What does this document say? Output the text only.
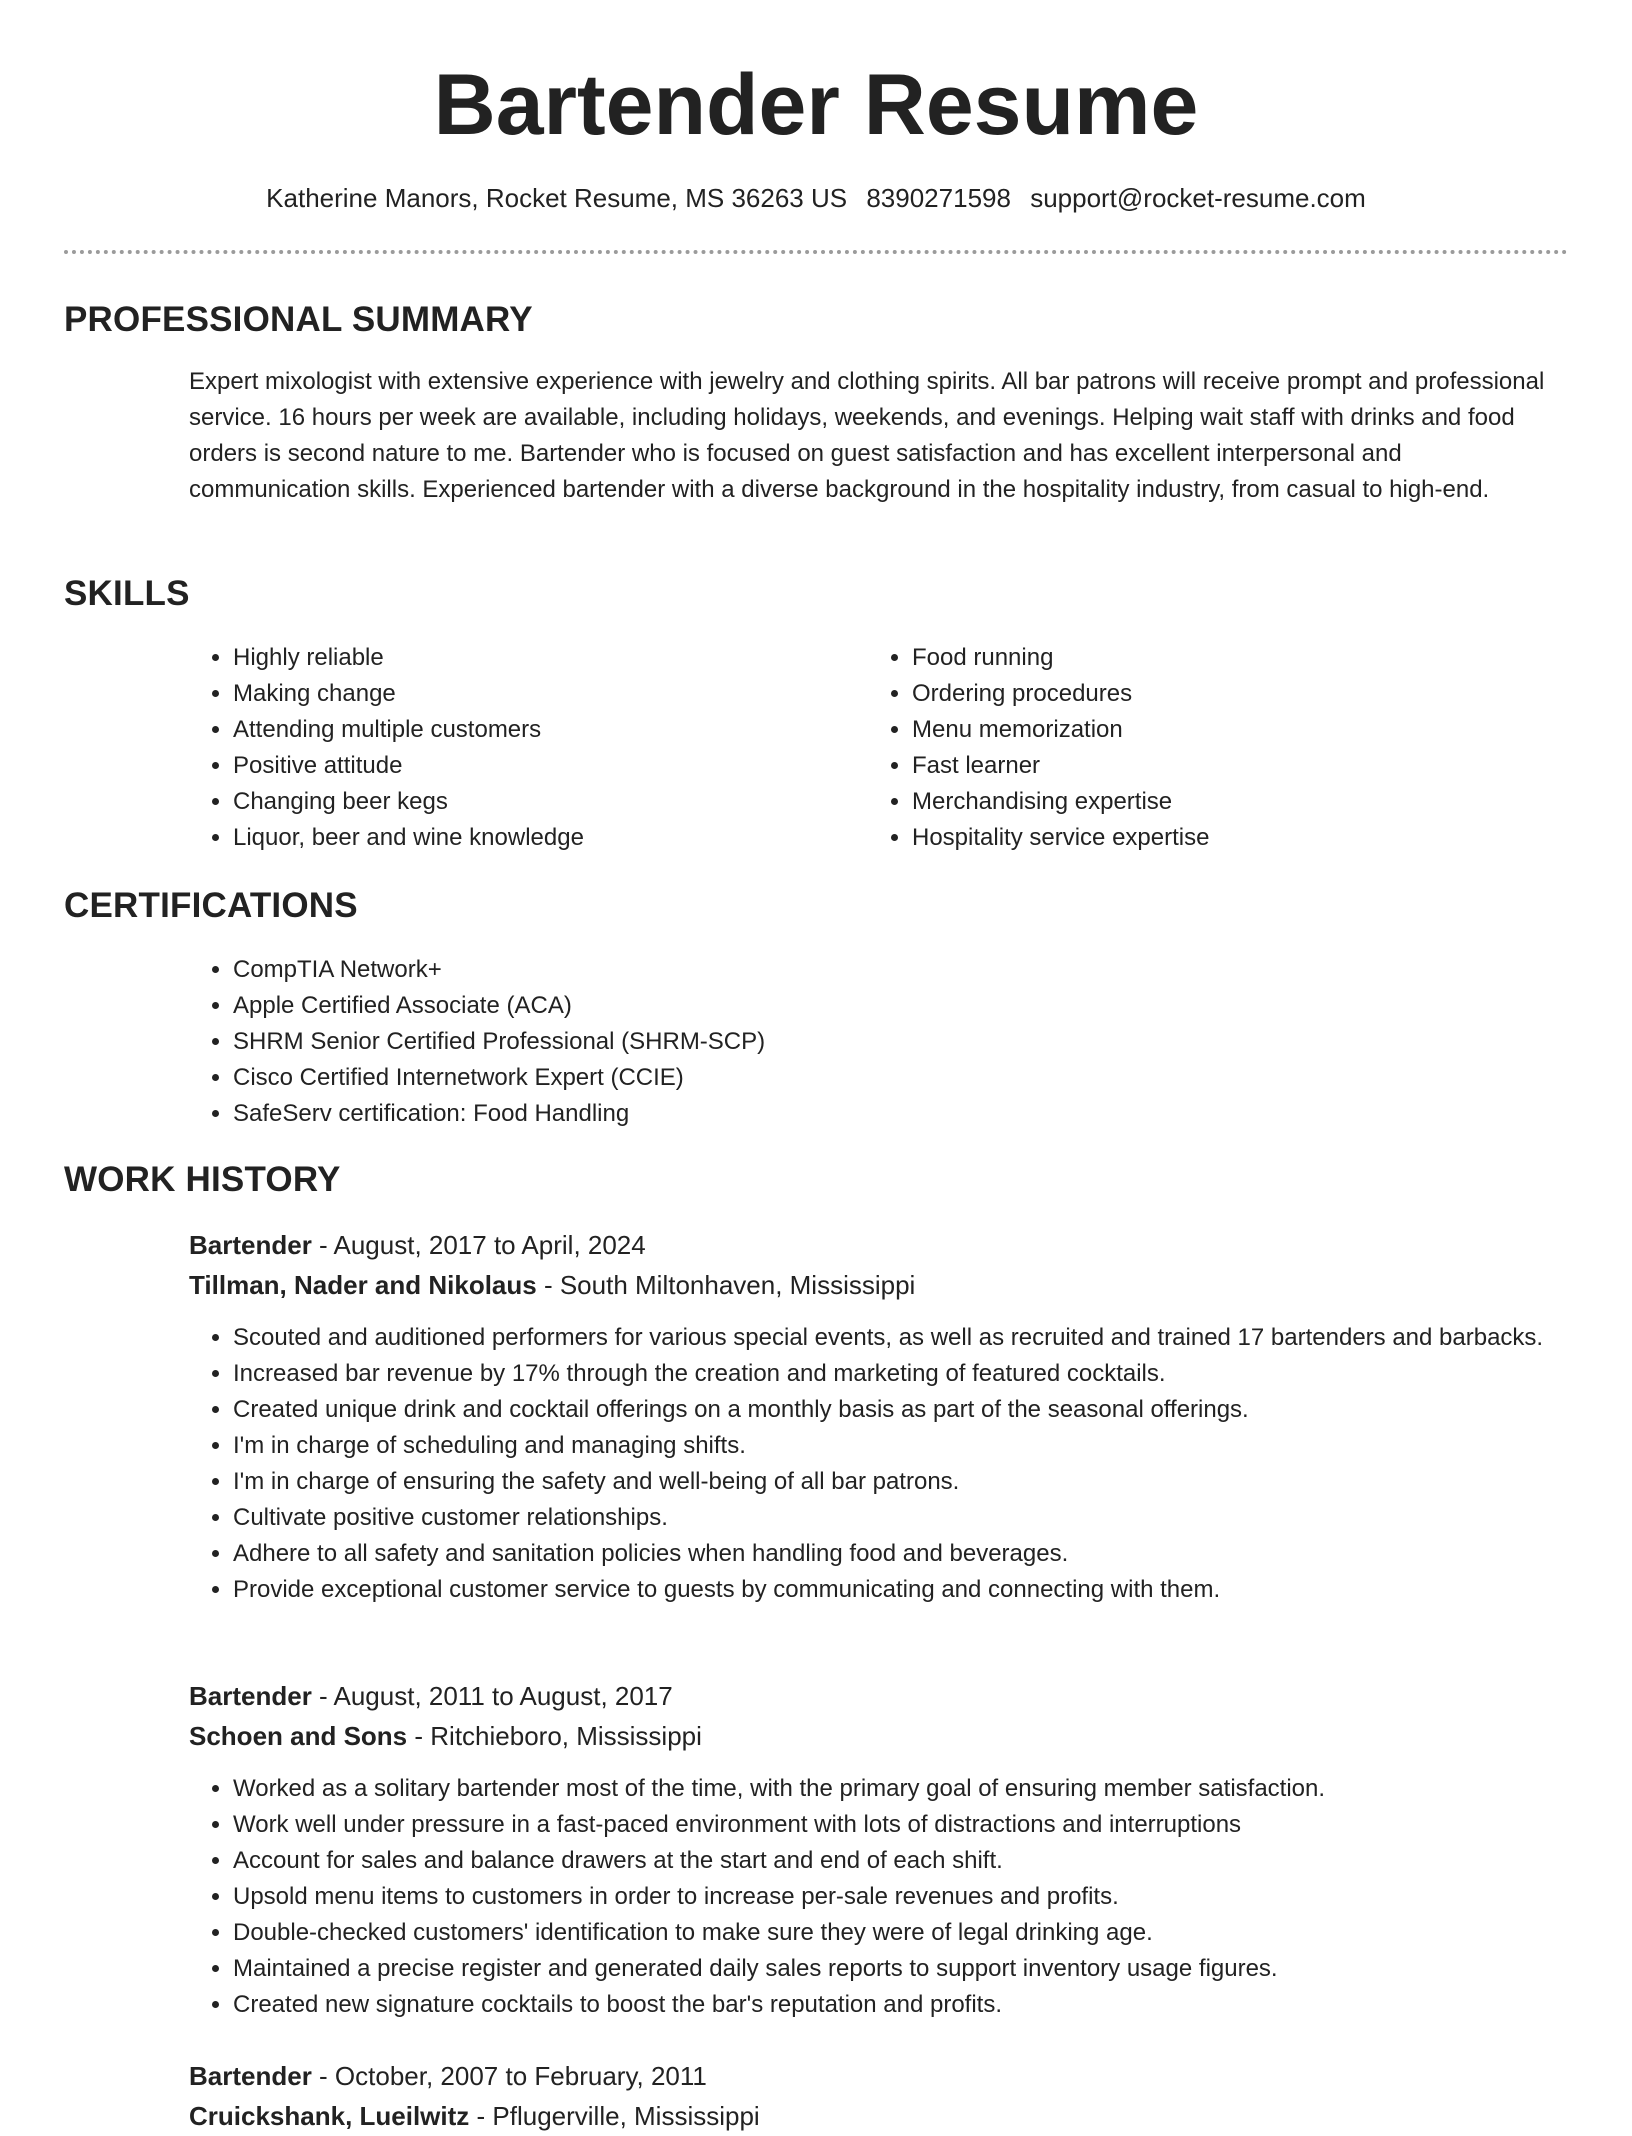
Bartender Resume
Katherine Manors, Rocket Resume, MS 36263 US 8390271598 support@rocket-resume.com
PROFESSIONAL SUMMARY

Expert mixologist with extensive experience with jewelry and clothing spirits. All bar patrons will receive prompt and professional service. 16 hours per week are available, including holidays, weekends, and evenings. Helping wait staff with drinks and food orders is second nature to me. Bartender who is focused on guest satisfaction and has excellent interpersonal and communication skills. Experienced bartender with a diverse background in the hospitality industry, from casual to high-end.

SKILLS
• Highly reliable
• Making change
• Attending multiple customers
• Positive attitude
• Changing beer kegs
• Liquor, beer and wine knowledge
• Food running
• Ordering procedures
• Menu memorization
• Fast learner
• Merchandising expertise
• Hospitality service expertise
CERTIFICATIONS
• CompTIA Network+
• Apple Certified Associate (ACA)
• SHRM Senior Certified Professional (SHRM-SCP)
• Cisco Certified Internetwork Expert (CCIE)
• SafeServ certification: Food Handling
WORK HISTORY
Bartender - August, 2017 to April, 2024
Tillman, Nader and Nikolaus - South Miltonhaven, Mississippi
• Scouted and auditioned performers for various special events, as well as recruited and trained 17 bartenders and barbacks.
• Increased bar revenue by 17% through the creation and marketing of featured cocktails.
• Created unique drink and cocktail offerings on a monthly basis as part of the seasonal offerings.
• I'm in charge of scheduling and managing shifts.
• I'm in charge of ensuring the safety and well-being of all bar patrons.
• Cultivate positive customer relationships.
• Adhere to all safety and sanitation policies when handling food and beverages.
• Provide exceptional customer service to guests by communicating and connecting with them.
Bartender - August, 2011 to August, 2017
Schoen and Sons - Ritchieboro, Mississippi
• Worked as a solitary bartender most of the time, with the primary goal of ensuring member satisfaction.
• Work well under pressure in a fast-paced environment with lots of distractions and interruptions
• Account for sales and balance drawers at the start and end of each shift.
• Upsold menu items to customers in order to increase per-sale revenues and profits.
• Double-checked customers' identification to make sure they were of legal drinking age.
• Maintained a precise register and generated daily sales reports to support inventory usage figures.
• Created new signature cocktails to boost the bar's reputation and profits.
Bartender - October, 2007 to February, 2011
Cruickshank, Lueilwitz - Pflugerville, Mississippi
